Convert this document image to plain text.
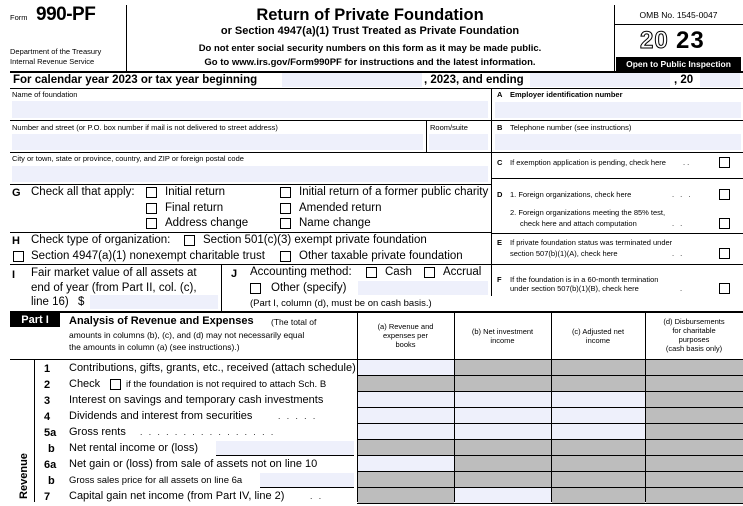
Form 990-PF
Department of the Treasury
Internal Revenue Service
Return of Private Foundation
or Section 4947(a)(1) Trust Treated as Private Foundation
Do not enter social security numbers on this form as it may be made public.
Go to www.irs.gov/Form990PF for instructions and the latest information.
OMB No. 1545-0047
20 23
Open to Public Inspection
For calendar year 2023 or tax year beginning	, 2023, and ending	, 20
Name of foundation
Number and street (or P.O. box number if mail is not delivered to street address)	Room/suite
City or town, state or province, country, and ZIP or foreign postal code
A Employer identification number
B Telephone number (see instructions)
C If exemption application is pending, check here ..
D 1. Foreign organizations, check here	. . .
2. Foreign organizations meeting the 85% test,
check here and attach computation	. .
E If private foundation status was terminated under
section 507(b)(1)(A), check here	. .
F If the foundation is in a 60-month termination
under section 507(b)(1)(B), check here	.
G Check all that apply:	Initial return	Initial return of a former public charity
Final return	Amended return
Address change	Name change
H Check type of organization:	Section 501(c)(3) exempt private foundation
Section 4947(a)(1) nonexempt charitable trust	Other taxable private foundation
I Fair market value of all assets at
end of year (from Part II, col. (c),
line 16) $
J Accounting method:	Cash	Accrual
Other (specify)
(Part I, column (d), must be on cash basis.)
Part I	Analysis of Revenue and Expenses (The total of
amounts in columns (b), (c), and (d) may not necessarily equal
the amounts in column (a) (see instructions).)
(a) Revenue and
expenses per
books
(b) Net investment
income
(c) Adjusted net
income
(d) Disbursements
for charitable
purposes
(cash basis only)
Revenue
1 Contributions, gifts, grants, etc., received (attach schedule)
2 Check	if the foundation is not required to attach Sch. B
3 Interest on savings and temporary cash investments
4 Dividends and interest from securities	. . . . .
5a Gross rents . . . . . . . . . . . . . . . .
b Net rental income or (loss)
6a Net gain or (loss) from sale of assets not on line 10
b Gross sales price for all assets on line 6a
7 Capital gain net income (from Part IV, line 2)	. .
